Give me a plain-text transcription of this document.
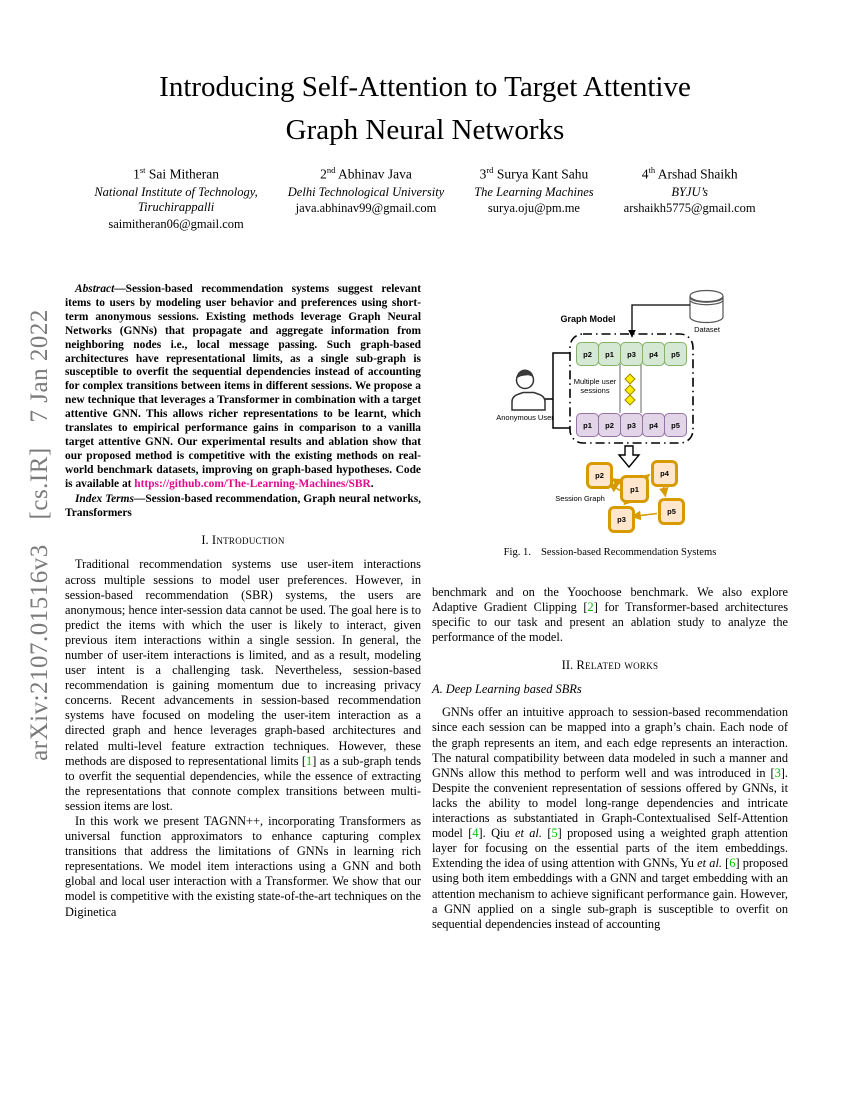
arXiv:2107.01516v3 [cs.IR] 7 Jan 2022
Introducing Self-Attention to Target Attentive
Graph Neural Networks
1st Sai Mitheran
National Institute of Technology,
Tiruchirappalli
saimitheran06@gmail.com
2nd Abhinav Java
Delhi Technological University
java.abhinav99@gmail.com
3rd Surya Kant Sahu
The Learning Machines
surya.oju@pm.me
4th Arshad Shaikh
BYJU’s
arshaikh5775@gmail.com

Abstract—Session-based recommendation systems suggest relevant items to users by modeling user behavior and preferences using short-term anonymous sessions. Existing methods leverage Graph Neural Networks (GNNs) that propagate and aggregate information from neighboring nodes i.e., local message passing. Such graph-based architectures have representational limits, as a single sub-graph is susceptible to overfit the sequential dependencies instead of accounting for complex transitions between items in different sessions. We propose a new technique that leverages a Transformer in combination with a target attentive GNN. This allows richer representations to be learnt, which translates to empirical performance gains in comparison to a vanilla target attentive GNN. Our experimental results and ablation show that our proposed method is competitive with the existing methods on real-world benchmark datasets, improving on graph-based hypotheses. Code is available at https://github.com/The-Learning-Machines/SBR.

Index Terms—Session-based recommendation, Graph neural networks, Transformers

I. Introduction

Traditional recommendation systems use user-item interactions across multiple sessions to model user preferences. However, in session-based recommendation (SBR) systems, the users are anonymous; hence inter-session data cannot be used. The goal here is to predict the items with which the user is likely to interact, given previous item interactions within a single session. In general, the number of user-item interactions is limited, and as a result, modeling user intent is a challenging task. Nevertheless, session-based recommendation is gaining momentum due to increasing privacy concerns. Recent advancements in session-based recommendation systems have focused on modeling the user-item interaction as a directed graph and hence leverages graph-based architectures and related multi-level feature extraction techniques. However, these methods are disposed to representational limits [1] as a sub-graph tends to overfit the sequential dependencies, while the essence of extracting the representations that connote complex transitions between multi-session items are lost.

In this work we present TAGNN++, incorporating Transformers as universal function approximators to enhance capturing complex transitions that address the limitations of GNNs in learning rich representations. We model item interactions using a GNN and both global and local user interaction with a Transformer. We show that our model is competitive with the existing state-of-the-art techniques on the Diginetica

Graph Model
Dataset
Multiple user sessions
Anonymous User
Session Graph
p2	p1	p3	p4	p5
p1	p2	p3	p4	p5
p2
p1
p4
p5
p3
Fig. 1. Session-based Recommendation Systems

benchmark and on the Yoochoose benchmark. We also explore Adaptive Gradient Clipping [2] for Transformer-based architectures specific to our task and present an ablation study to analyze the performance of the model.

II. Related works
A. Deep Learning based SBRs

GNNs offer an intuitive approach to session-based recommendation since each session can be mapped into a graph’s chain. Each node of the graph represents an item, and each edge represents an interaction. The natural compatibility between data modeled in such a manner and GNNs allow this method to perform well and was introduced in [3]. Despite the convenient representation of sessions offered by GNNs, it lacks the ability to model long-range dependencies and intricate interactions as substantiated in Graph-Contextualised Self-Attention model [4]. Qiu et al. [5] proposed using a weighted graph attention layer for focusing on the essential parts of the item embeddings. Extending the idea of using attention with GNNs, Yu et al. [6] proposed using both item embeddings with a GNN and target embedding with an attention mechanism to achieve significant performance gain. However, a GNN applied on a single sub-graph is susceptible to overfit on sequential dependencies instead of accounting
